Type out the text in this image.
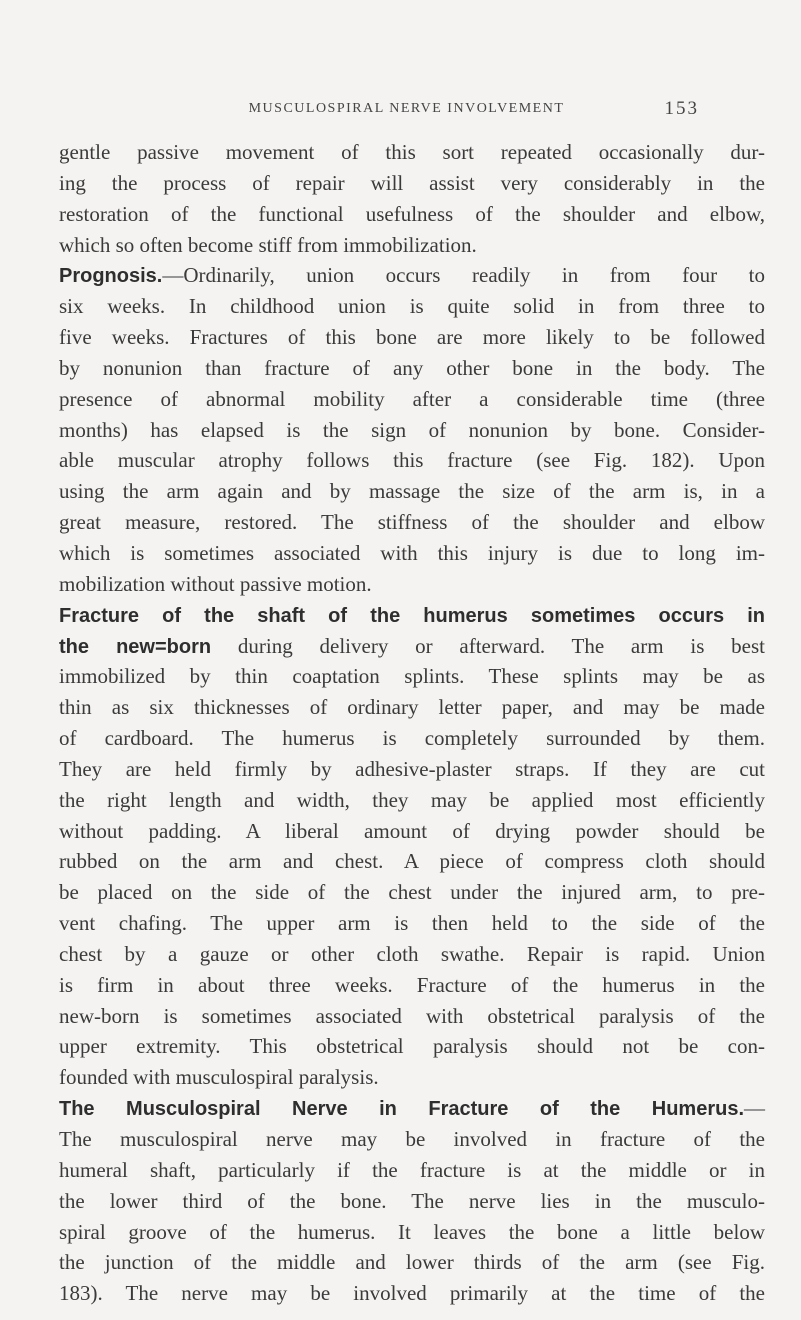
MUSCULOSPIRAL NERVE INVOLVEMENT	153
gentle passive movement of this sort repeated occasionally dur-
ing the process of repair will assist very considerably in the
restoration of the functional usefulness of the shoulder and elbow,
which so often become stiff from immobilization.
Prognosis.—Ordinarily, union occurs readily in from four to
six weeks. In childhood union is quite solid in from three to
five weeks. Fractures of this bone are more likely to be followed
by nonunion than fracture of any other bone in the body. The
presence of abnormal mobility after a considerable time (three
months) has elapsed is the sign of nonunion by bone. Consider-
able muscular atrophy follows this fracture (see Fig. 182). Upon
using the arm again and by massage the size of the arm is, in a
great measure, restored. The stiffness of the shoulder and elbow
which is sometimes associated with this injury is due to long im-
mobilization without passive motion.
Fracture of the shaft of the humerus sometimes occurs in
the new=born during delivery or afterward. The arm is best
immobilized by thin coaptation splints. These splints may be as
thin as six thicknesses of ordinary letter paper, and may be made
of cardboard. The humerus is completely surrounded by them.
They are held firmly by adhesive-plaster straps. If they are cut
the right length and width, they may be applied most efficiently
without padding. A liberal amount of drying powder should be
rubbed on the arm and chest. A piece of compress cloth should
be placed on the side of the chest under the injured arm, to pre-
vent chafing. The upper arm is then held to the side of the
chest by a gauze or other cloth swathe. Repair is rapid. Union
is firm in about three weeks. Fracture of the humerus in the
new-born is sometimes associated with obstetrical paralysis of the
upper extremity. This obstetrical paralysis should not be con-
founded with musculospiral paralysis.
The Musculospiral Nerve in Fracture of the Humerus.—
The musculospiral nerve may be involved in fracture of the
humeral shaft, particularly if the fracture is at the middle or in
the lower third of the bone. The nerve lies in the musculo-
spiral groove of the humerus. It leaves the bone a little below
the junction of the middle and lower thirds of the arm (see Fig.
183). The nerve may be involved primarily at the time of the
